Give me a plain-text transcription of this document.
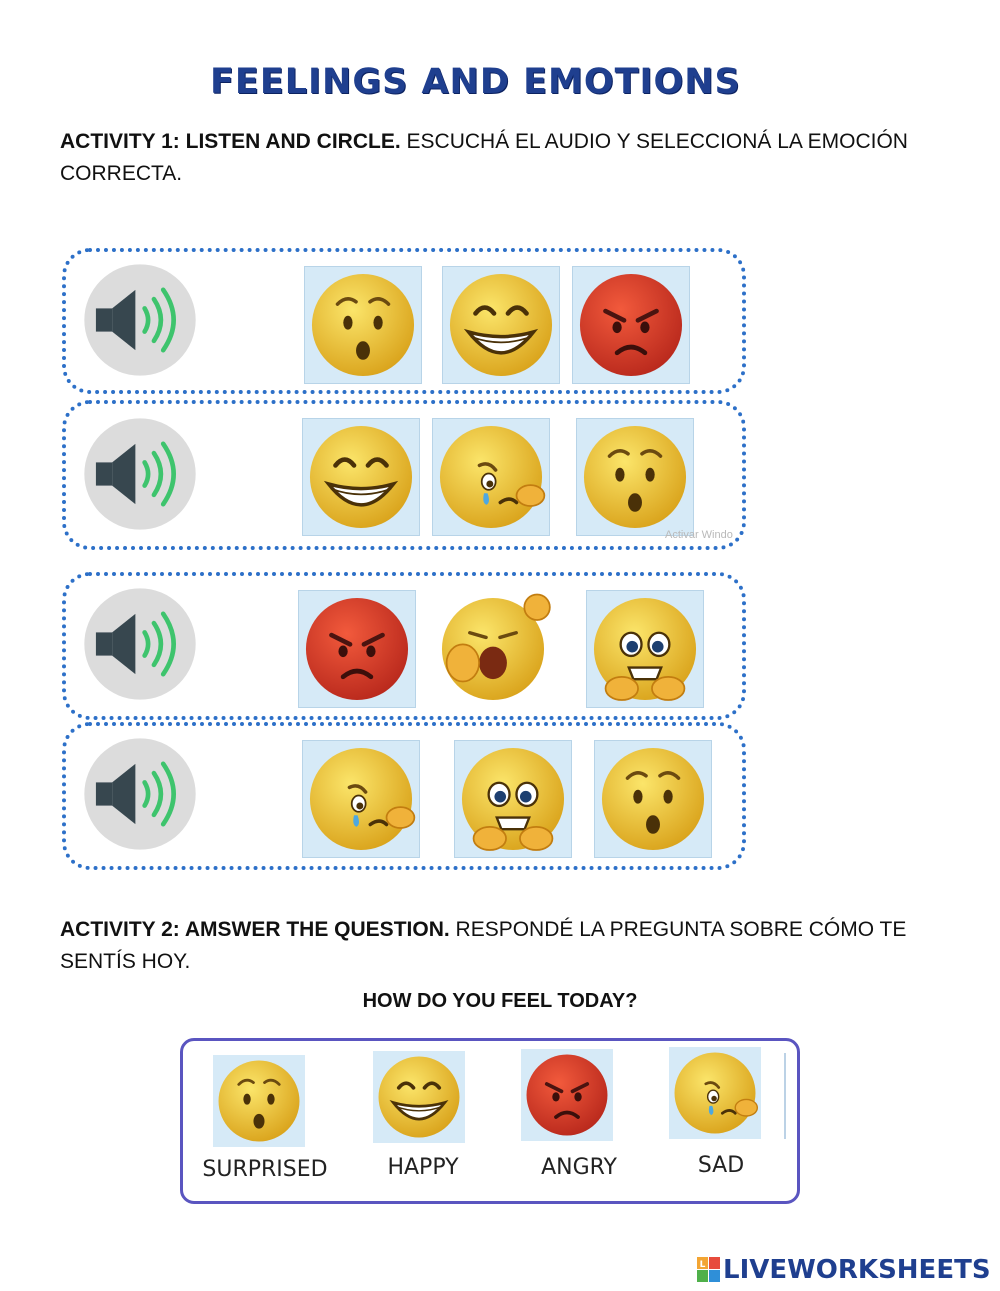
FEELINGS AND EMOTIONS
ACTIVITY 1: LISTEN AND CIRCLE. ESCUCHÁ EL AUDIO Y SELECCIONÁ LA EMOCIÓN CORRECTA.
Activar Windo
ACTIVITY 2: AMSWER THE QUESTION. RESPONDÉ LA PREGUNTA SOBRE CÓMO TE SENTÍS HOY.
HOW DO YOU FEEL TODAY?
SURPRISED	HAPPY	ANGRY	SAD
L LIVEWORKSHEETS
